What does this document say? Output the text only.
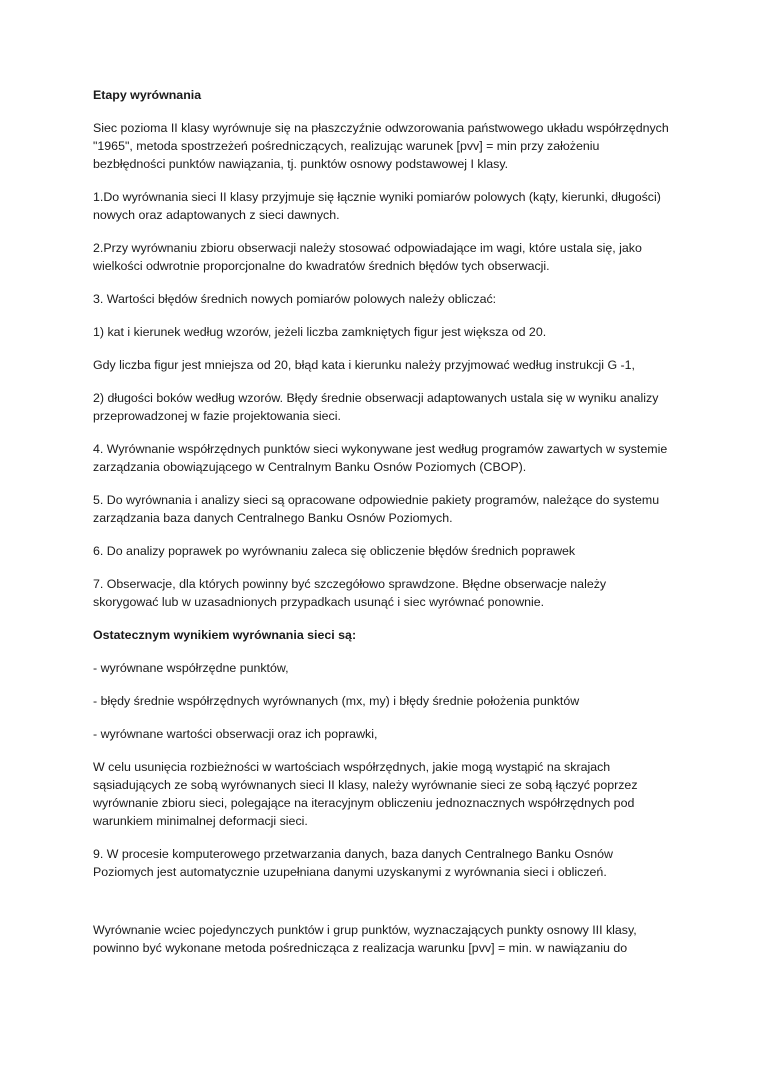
Etapy wyrównania

Siec pozioma II klasy wyrównuje się na płaszczyźnie odwzorowania państwowego układu współrzędnych "1965", metoda spostrzeżeń pośredniczących, realizując warunek [pvv] = min przy założeniu bezbłędności punktów nawiązania, tj. punktów osnowy podstawowej I klasy.

1.Do wyrównania sieci II klasy przyjmuje się łącznie wyniki pomiarów polowych (kąty, kierunki, długości) nowych oraz adaptowanych z sieci dawnych.

2.Przy wyrównaniu zbioru obserwacji należy stosować odpowiadające im wagi, które ustala się, jako wielkości odwrotnie proporcjonalne do kwadratów średnich błędów tych obserwacji.

3. Wartości błędów średnich nowych pomiarów polowych należy obliczać:

1) kat i kierunek według wzorów, jeżeli liczba zamkniętych figur jest większa od 20.

Gdy liczba figur jest mniejsza od 20, błąd kata i kierunku należy przyjmować według instrukcji G -1,

2) długości boków według wzorów. Błędy średnie obserwacji adaptowanych ustala się w wyniku analizy przeprowadzonej w fazie projektowania sieci.

4. Wyrównanie współrzędnych punktów sieci wykonywane jest według programów zawartych w systemie zarządzania obowiązującego w Centralnym Banku Osnów Poziomych (CBOP).

5. Do wyrównania i analizy sieci są opracowane odpowiednie pakiety programów, należące do systemu zarządzania baza danych Centralnego Banku Osnów Poziomych.

6. Do analizy poprawek po wyrównaniu zaleca się obliczenie błędów średnich poprawek

7. Obserwacje, dla których powinny być szczegółowo sprawdzone. Błędne obserwacje należy skorygować lub w uzasadnionych przypadkach usunąć i siec wyrównać ponownie.

Ostatecznym wynikiem wyrównania sieci są:

- wyrównane współrzędne punktów,

- błędy średnie współrzędnych wyrównanych (mx, my) i błędy średnie położenia punktów

- wyrównane wartości obserwacji oraz ich poprawki,

W celu usunięcia rozbieżności w wartościach współrzędnych, jakie mogą wystąpić na skrajach sąsiadujących ze sobą wyrównanych sieci II klasy, należy wyrównanie sieci ze sobą łączyć poprzez wyrównanie zbioru sieci, polegające na iteracyjnym obliczeniu jednoznacznych współrzędnych pod warunkiem minimalnej deformacji sieci.

9. W procesie komputerowego przetwarzania danych, baza danych Centralnego Banku Osnów Poziomych jest automatycznie uzupełniana danymi uzyskanymi z wyrównania sieci i obliczeń.

Wyrównanie wciec pojedynczych punktów i grup punktów, wyznaczających punkty osnowy III klasy, powinno być wykonane metoda pośrednicząca z realizacja warunku [pvv] = min. w nawiązaniu do
